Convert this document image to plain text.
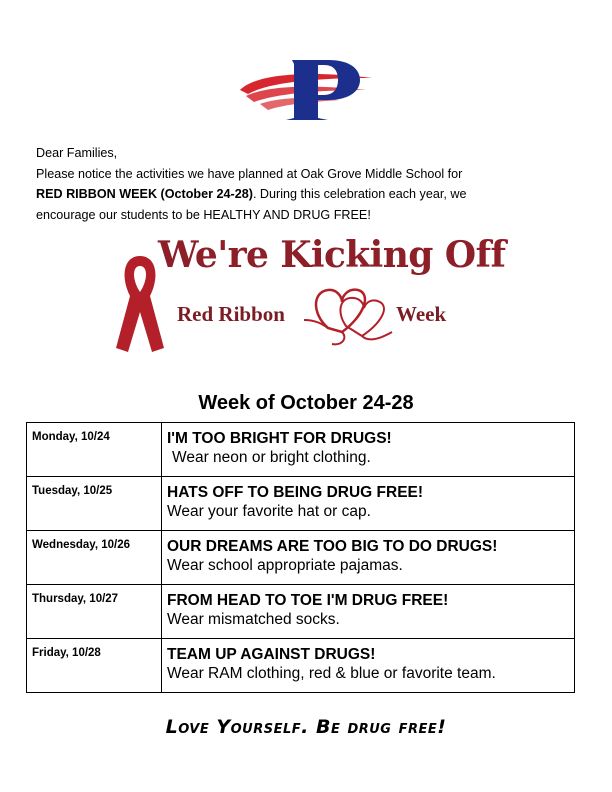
Dear Families,
Please notice the activities we have planned at Oak Grove Middle School for
RED RIBBON WEEK (October 24-28). During this celebration each year, we
encourage our students to be HEALTHY AND DRUG FREE!
We're Kicking Off
Red Ribbon	Week
Week of October 24-28
Monday, 10/24	I'M TOO BRIGHT FOR DRUGS!
Wear neon or bright clothing.

Tuesday, 10/25	HATS OFF TO BEING DRUG FREE!
Wear your favorite hat or cap.

Wednesday, 10/26	OUR DREAMS ARE TOO BIG TO DO DRUGS!
Wear school appropriate pajamas.

Thursday, 10/27	FROM HEAD TO TOE I'M DRUG FREE!
Wear mismatched socks.

Friday, 10/28	TEAM UP AGAINST DRUGS!
Wear RAM clothing, red & blue or favorite team.
Love Yourself. Be drug free!
